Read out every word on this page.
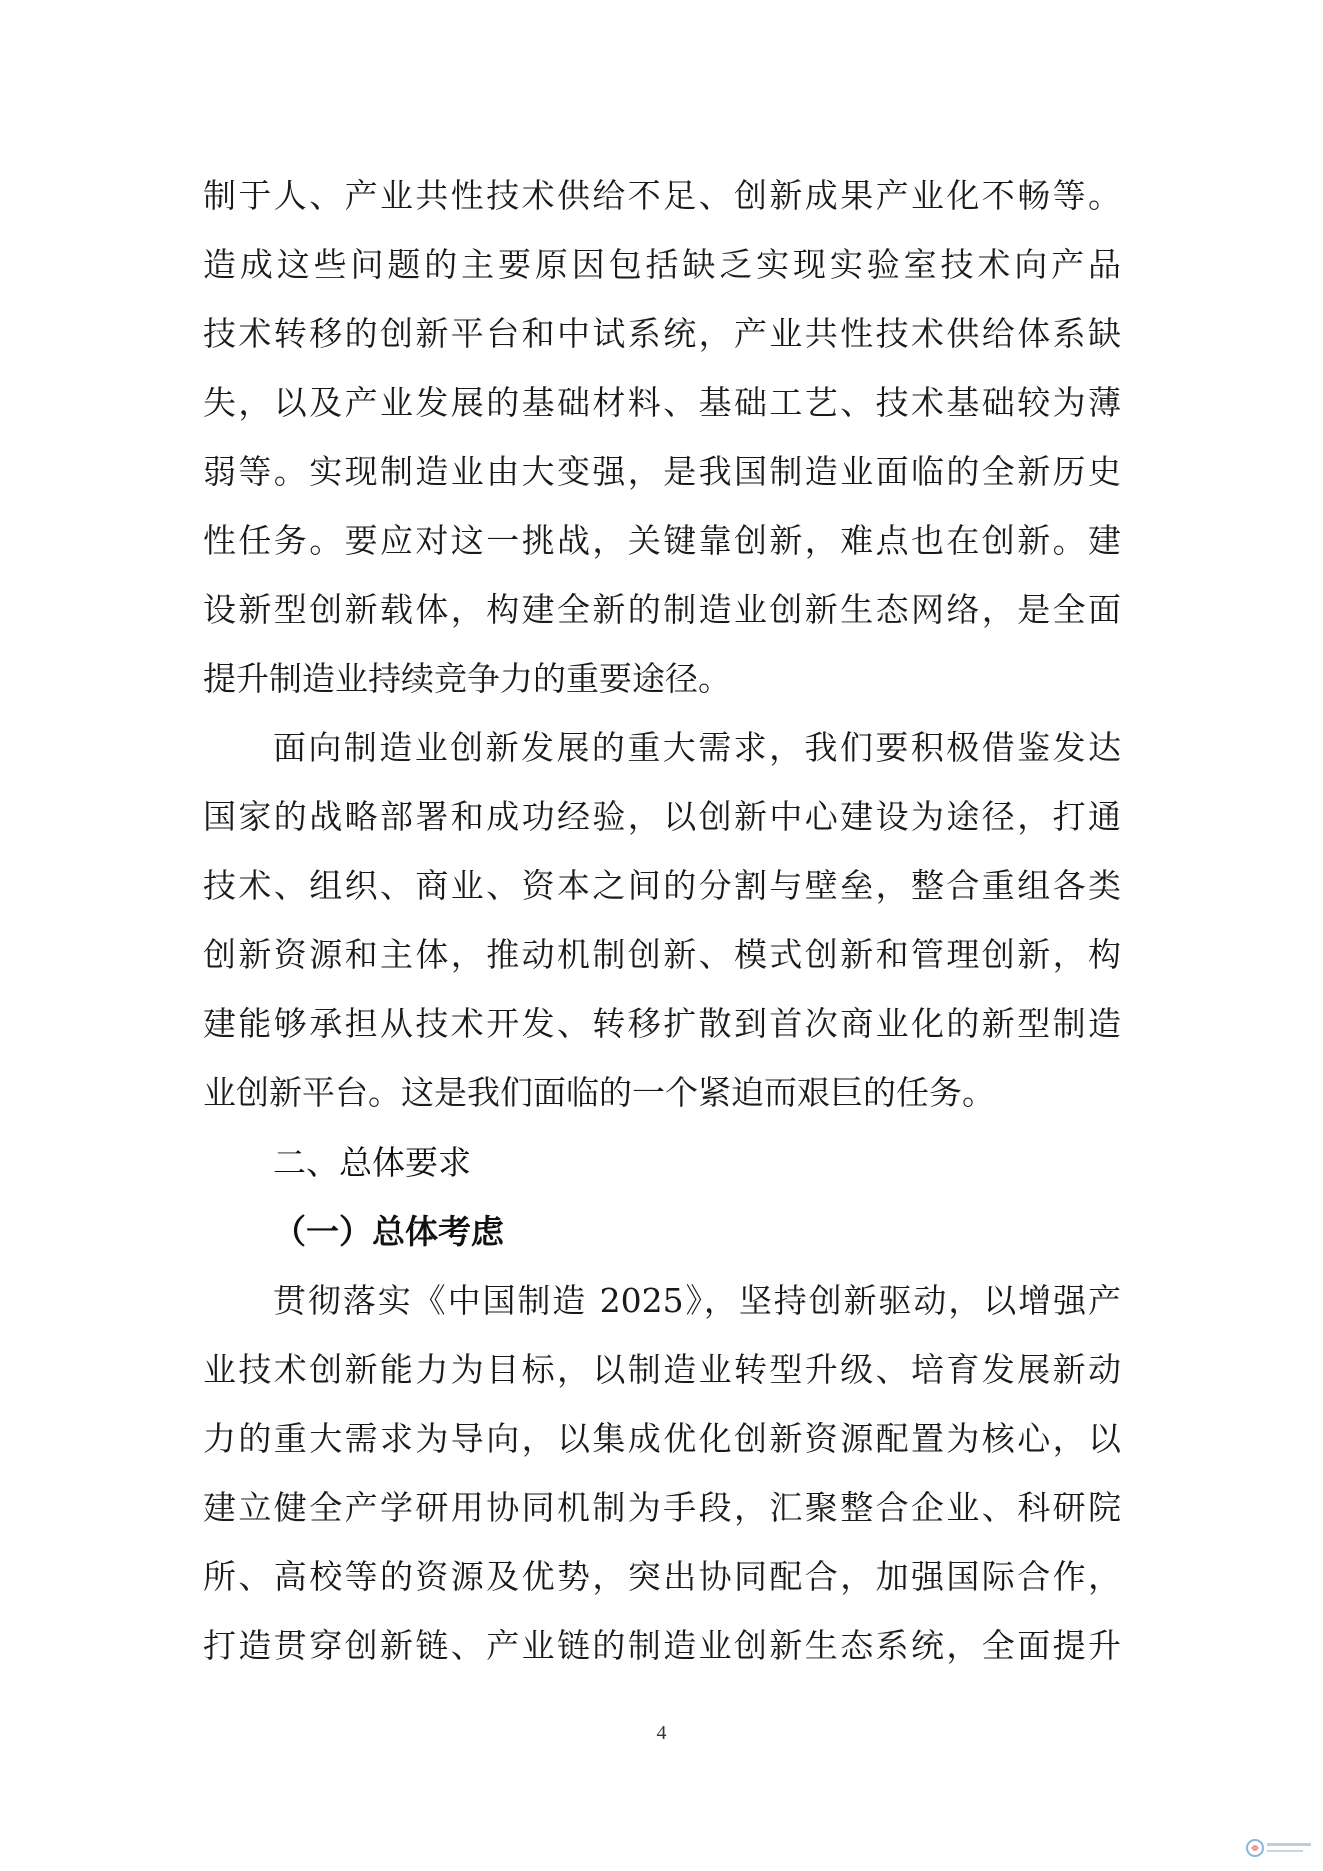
制于人、产业共性技术供给不足、创新成果产业化不畅等。
造成这些问题的主要原因包括缺乏实现实验室技术向产品
技术转移的创新平台和中试系统，产业共性技术供给体系缺
失，以及产业发展的基础材料、基础工艺、技术基础较为薄
弱等。实现制造业由大变强，是我国制造业面临的全新历史
性任务。要应对这一挑战，关键靠创新，难点也在创新。建
设新型创新载体，构建全新的制造业创新生态网络，是全面
提升制造业持续竞争力的重要途径。
面向制造业创新发展的重大需求，我们要积极借鉴发达
国家的战略部署和成功经验，以创新中心建设为途径，打通
技术、组织、商业、资本之间的分割与壁垒，整合重组各类
创新资源和主体，推动机制创新、模式创新和管理创新，构
建能够承担从技术开发、转移扩散到首次商业化的新型制造
业创新平台。这是我们面临的一个紧迫而艰巨的任务。
二、总体要求
（一）总体考虑
贯彻落实《中国制造 2025》，坚持创新驱动，以增强产
业技术创新能力为目标，以制造业转型升级、培育发展新动
力的重大需求为导向，以集成优化创新资源配置为核心，以
建立健全产学研用协同机制为手段，汇聚整合企业、科研院
所、高校等的资源及优势，突出协同配合，加强国际合作，
打造贯穿创新链、产业链的制造业创新生态系统，全面提升
4
